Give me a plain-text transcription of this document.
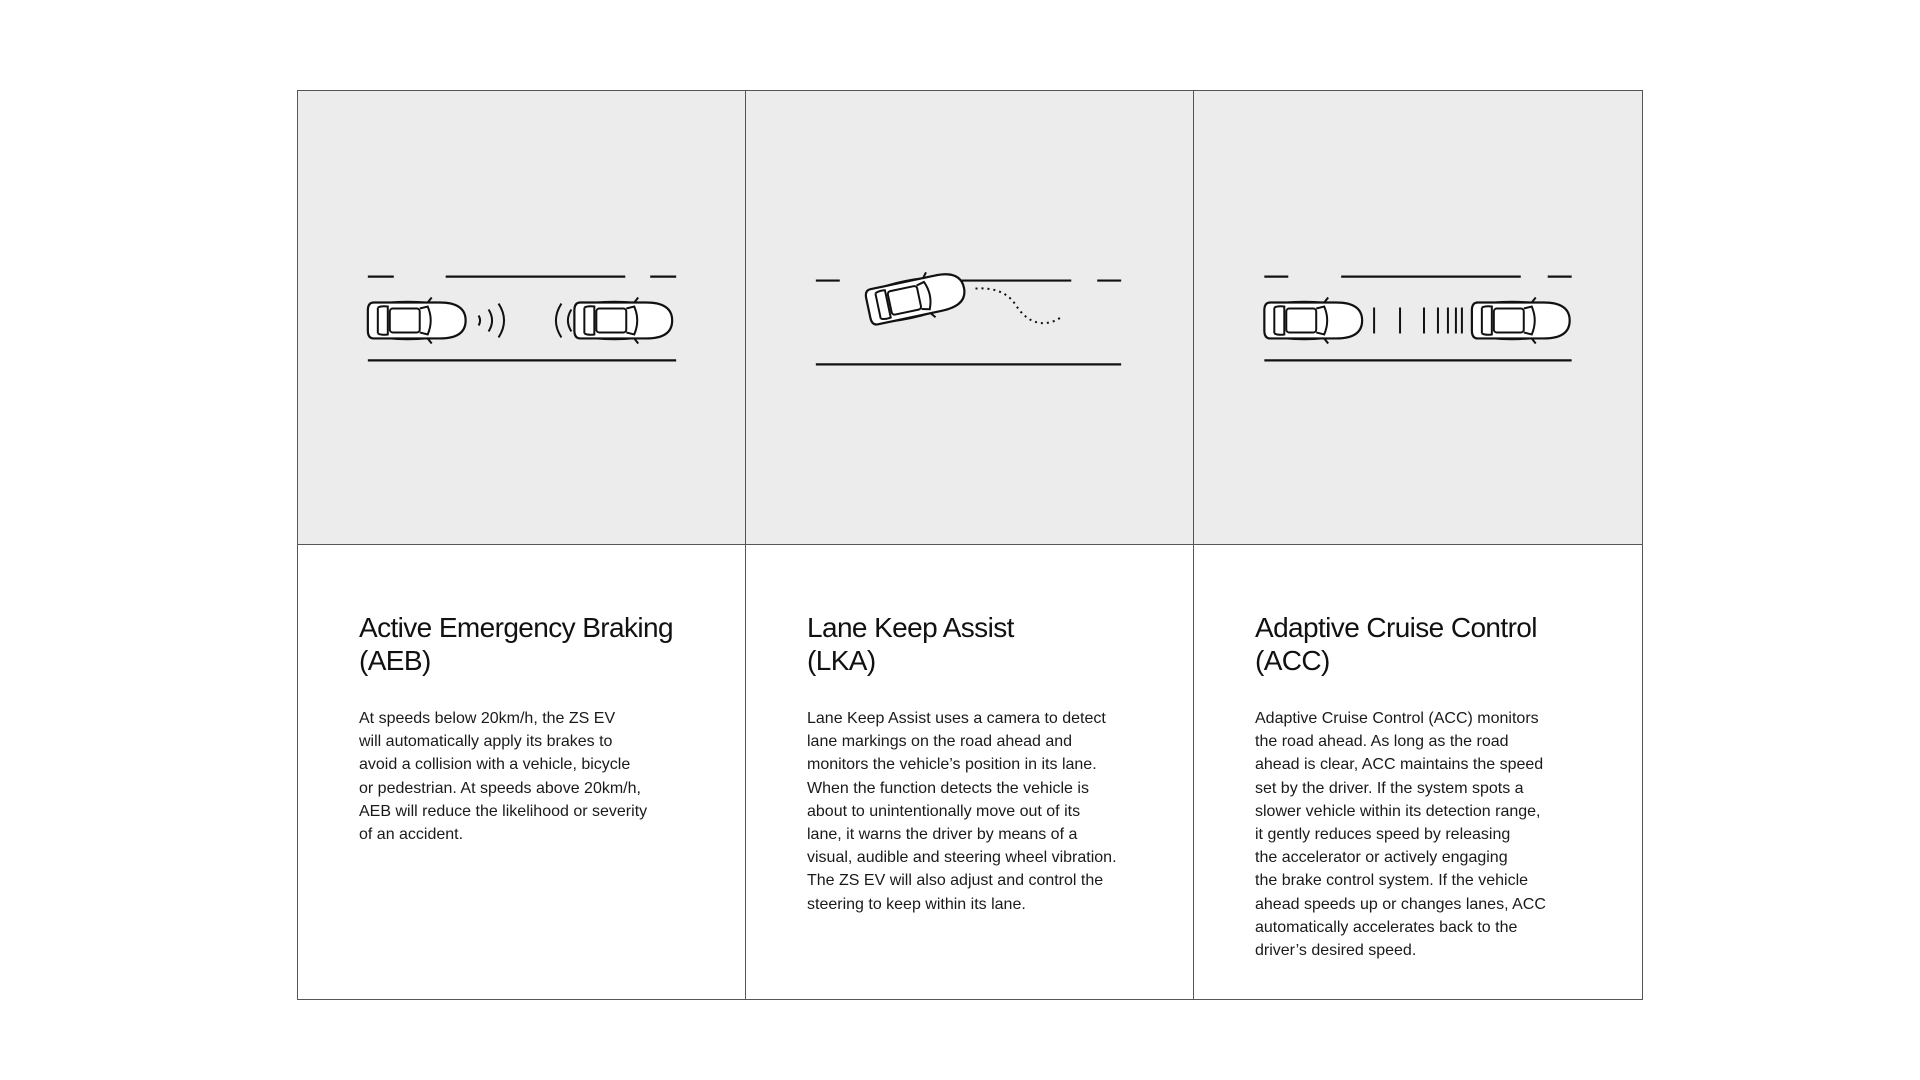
Active Emergency Braking
(AEB)
At speeds below 20km/h, the ZS EV
will automatically apply its brakes to
avoid a collision with a vehicle, bicycle
or pedestrian. At speeds above 20km/h,
AEB will reduce the likelihood or severity
of an accident.
Lane Keep Assist
(LKA)
Lane Keep Assist uses a camera to detect
lane markings on the road ahead and
monitors the vehicle’s position in its lane.
When the function detects the vehicle is
about to unintentionally move out of its
lane, it warns the driver by means of a
visual, audible and steering wheel vibration.
The ZS EV will also adjust and control the
steering to keep within its lane.
Adaptive Cruise Control
(ACC)
Adaptive Cruise Control (ACC) monitors
the road ahead. As long as the road
ahead is clear, ACC maintains the speed
set by the driver. If the system spots a
slower vehicle within its detection range,
it gently reduces speed by releasing
the accelerator or actively engaging
the brake control system. If the vehicle
ahead speeds up or changes lanes, ACC
automatically accelerates back to the
driver’s desired speed.
